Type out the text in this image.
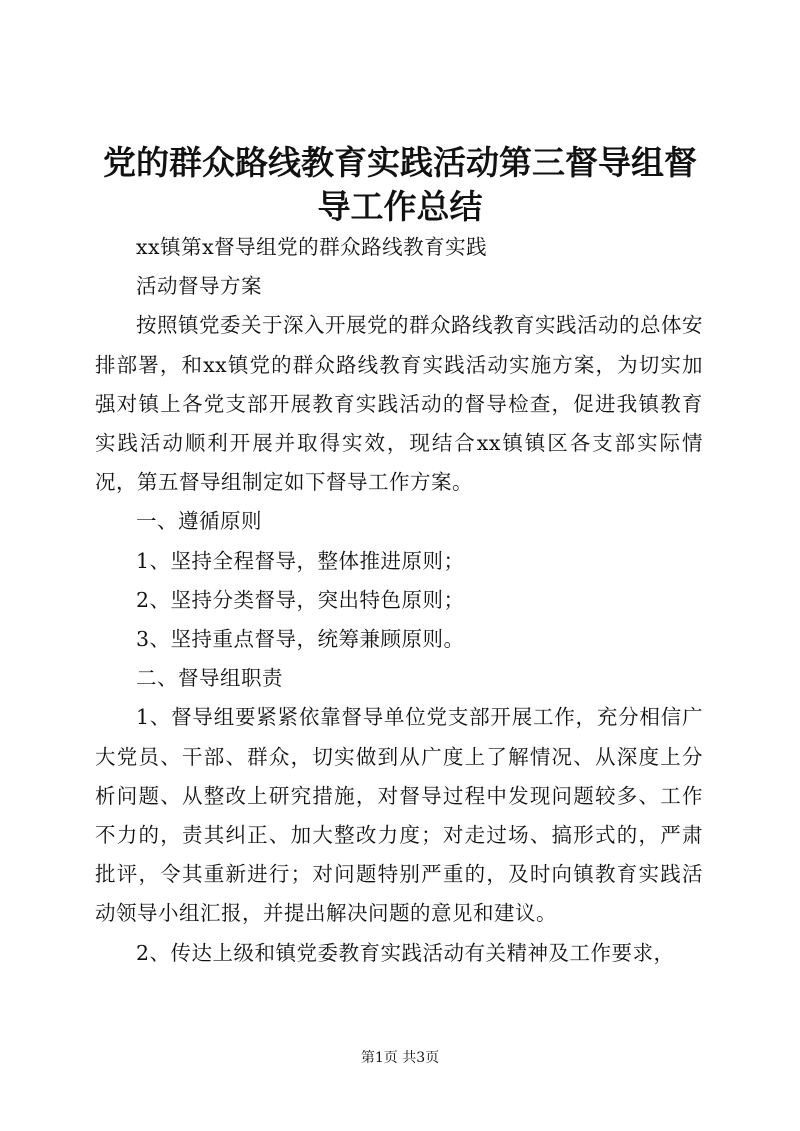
党的群众路线教育实践活动第三督导组督导工作总结

xx镇第x督导组党的群众路线教育实践

活动督导方案

按照镇党委关于深入开展党的群众路线教育实践活动的总体安排部署，和xx镇党的群众路线教育实践活动实施方案，为切实加强对镇上各党支部开展教育实践活动的督导检查，促进我镇教育实践活动顺利开展并取得实效，现结合xx镇镇区各支部实际情况，第五督导组制定如下督导工作方案。

一、遵循原则

1、坚持全程督导，整体推进原则；

2、坚持分类督导，突出特色原则；

3、坚持重点督导，统筹兼顾原则。

二、督导组职责

1、督导组要紧紧依靠督导单位党支部开展工作，充分相信广大党员、干部、群众，切实做到从广度上了解情况、从深度上分析问题、从整改上研究措施，对督导过程中发现问题较多、工作不力的，责其纠正、加大整改力度；对走过场、搞形式的，严肃批评，令其重新进行；对问题特别严重的，及时向镇教育实践活动领导小组汇报，并提出解决问题的意见和建议。

2、传达上级和镇党委教育实践活动有关精神及工作要求，

第1页 共3页
